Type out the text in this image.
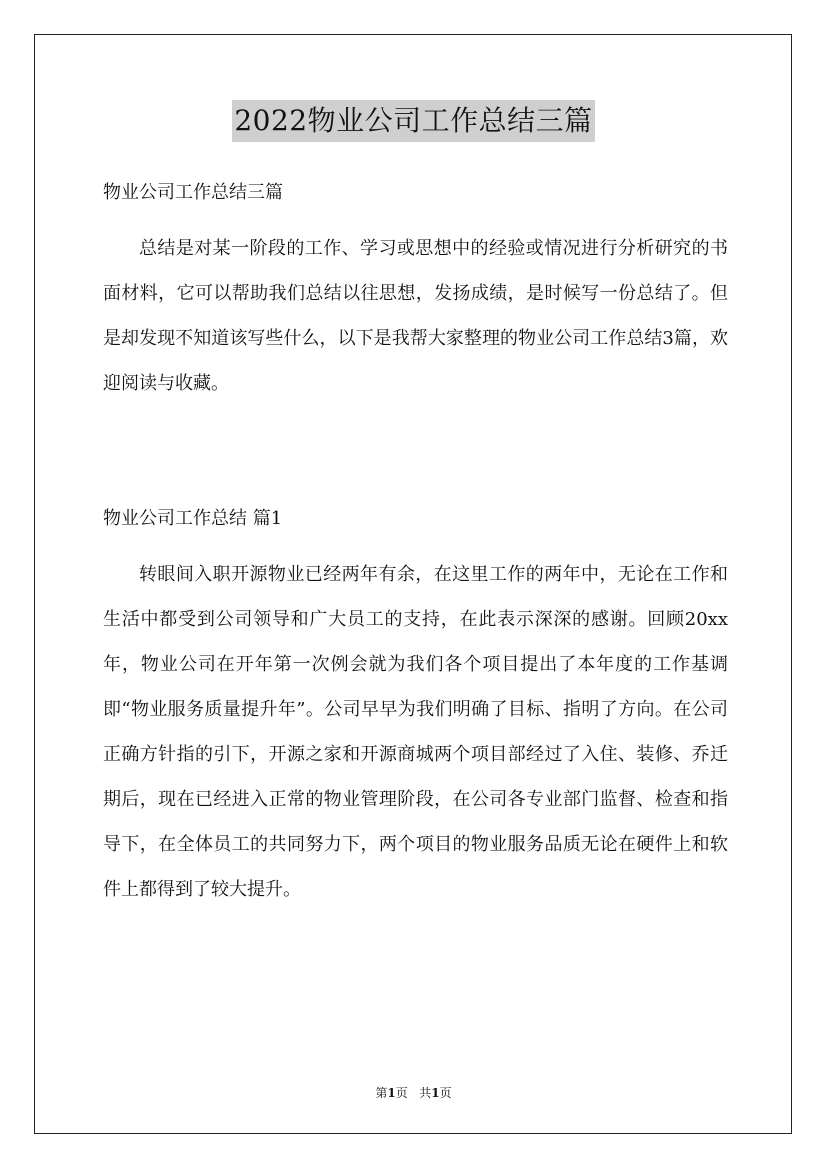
2022物业公司工作总结三篇
物业公司工作总结三篇

总结是对某一阶段的工作、学习或思想中的经验或情况进行分析研究的书面材料，它可以帮助我们总结以往思想，发扬成绩，是时候写一份总结了。但是却发现不知道该写些什么，以下是我帮大家整理的物业公司工作总结3篇，欢迎阅读与收藏。

物业公司工作总结 篇1

转眼间入职开源物业已经两年有余，在这里工作的两年中，无论在工作和生活中都受到公司领导和广大员工的支持，在此表示深深的感谢。回顾20xx年，物业公司在开年第一次例会就为我们各个项目提出了本年度的工作基调即“物业服务质量提升年”。公司早早为我们明确了目标、指明了方向。在公司正确方针指的引下，开源之家和开源商城两个项目部经过了入住、装修、乔迁期后，现在已经进入正常的物业管理阶段，在公司各专业部门监督、检查和指导下，在全体员工的共同努力下，两个项目的物业服务品质无论在硬件上和软件上都得到了较大提升。

第1页 共1页
